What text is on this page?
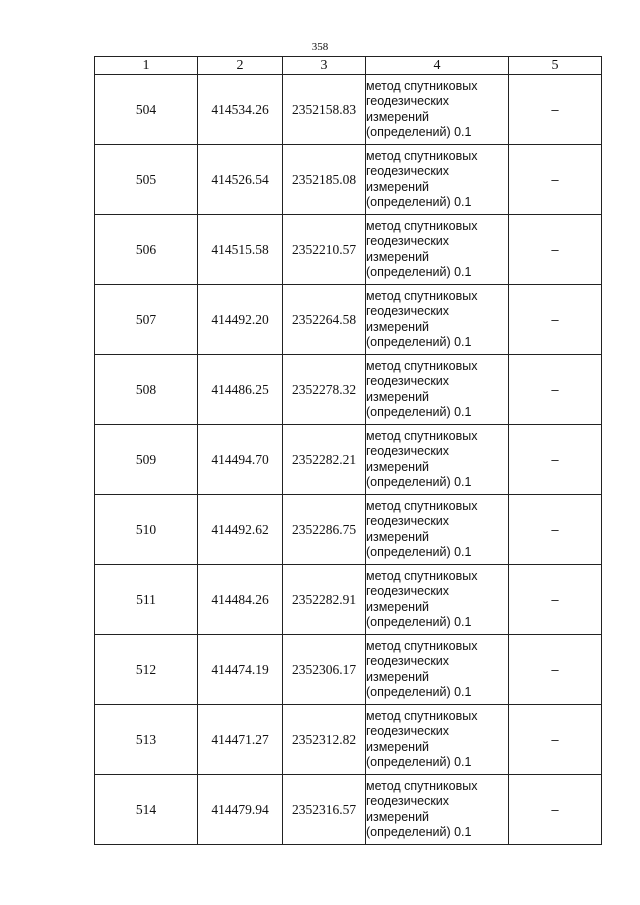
358
1	2	3	4	5
504	414534.26	2352158.83	метод спутниковых
геодезических
измерений
(определений) 0.1	–
505	414526.54	2352185.08	метод спутниковых
геодезических
измерений
(определений) 0.1	–
506	414515.58	2352210.57	метод спутниковых
геодезических
измерений
(определений) 0.1	–
507	414492.20	2352264.58	метод спутниковых
геодезических
измерений
(определений) 0.1	–
508	414486.25	2352278.32	метод спутниковых
геодезических
измерений
(определений) 0.1	–
509	414494.70	2352282.21	метод спутниковых
геодезических
измерений
(определений) 0.1	–
510	414492.62	2352286.75	метод спутниковых
геодезических
измерений
(определений) 0.1	–
511	414484.26	2352282.91	метод спутниковых
геодезических
измерений
(определений) 0.1	–
512	414474.19	2352306.17	метод спутниковых
геодезических
измерений
(определений) 0.1	–
513	414471.27	2352312.82	метод спутниковых
геодезических
измерений
(определений) 0.1	–
514	414479.94	2352316.57	метод спутниковых
геодезических
измерений
(определений) 0.1	–
